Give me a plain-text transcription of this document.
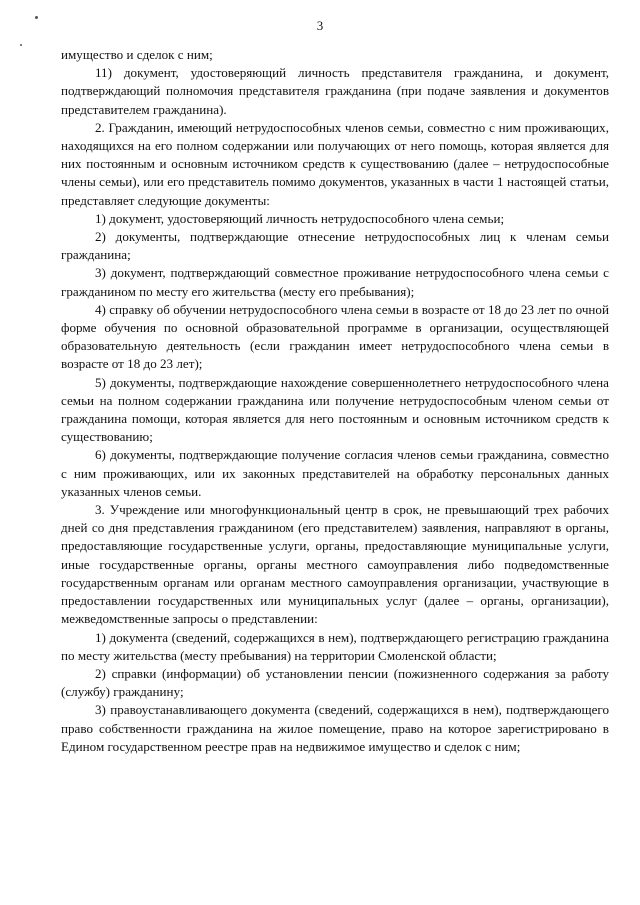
3

имущество и сделок с ним;

11) документ, удостоверяющий личность представителя гражданина, и документ, подтверждающий полномочия представителя гражданина (при подаче заявления и документов представителем гражданина).

2. Гражданин, имеющий нетрудоспособных членов семьи, совместно с ним проживающих, находящихся на его полном содержании или получающих от него помощь, которая является для них постоянным и основным источником средств к существованию (далее – нетрудоспособные члены семьи), или его представитель помимо документов, указанных в части 1 настоящей статьи, представляет следующие документы:

1) документ, удостоверяющий личность нетрудоспособного члена семьи;

2) документы, подтверждающие отнесение нетрудоспособных лиц к членам семьи гражданина;

3) документ, подтверждающий совместное проживание нетрудоспособного члена семьи с гражданином по месту его жительства (месту его пребывания);

4) справку об обучении нетрудоспособного члена семьи в возрасте от 18 до 23 лет по очной форме обучения по основной образовательной программе в организации, осуществляющей образовательную деятельность (если гражданин имеет нетрудоспособного члена семьи в возрасте от 18 до 23 лет);

5) документы, подтверждающие нахождение совершеннолетнего нетрудоспособного члена семьи на полном содержании гражданина или получение нетрудоспособным членом семьи от гражданина помощи, которая является для него постоянным и основным источником средств к существованию;

6) документы, подтверждающие получение согласия членов семьи гражданина, совместно с ним проживающих, или их законных представителей на обработку персональных данных указанных членов семьи.

3. Учреждение или многофункциональный центр в срок, не превышающий трех рабочих дней со дня представления гражданином (его представителем) заявления, направляют в органы, предоставляющие государственные услуги, органы, предоставляющие муниципальные услуги, иные государственные органы, органы местного самоуправления либо подведомственные государственным органам или органам местного самоуправления организации, участвующие в предоставлении государственных или муниципальных услуг (далее – органы, организации), межведомственные запросы о представлении:

1) документа (сведений, содержащихся в нем), подтверждающего регистрацию гражданина по месту жительства (месту пребывания) на территории Смоленской области;

2) справки (информации) об установлении пенсии (пожизненного содержания за работу (службу) гражданину;

3) правоустанавливающего документа (сведений, содержащихся в нем), подтверждающего право собственности гражданина на жилое помещение, право на которое зарегистрировано в Едином государственном реестре прав на недвижимое имущество и сделок с ним;
